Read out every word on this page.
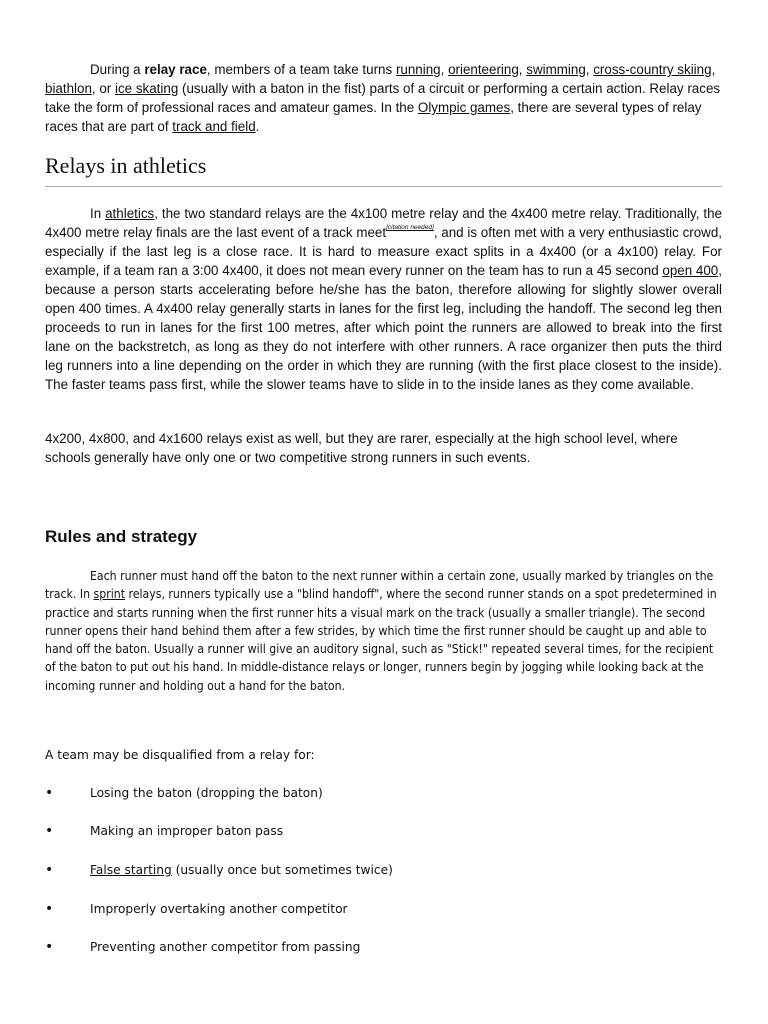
During a relay race, members of a team take turns running, orienteering, swimming, cross-country skiing, biathlon, or ice skating (usually with a baton in the fist) parts of a circuit or performing a certain action. Relay races take the form of professional races and amateur games. In the Olympic games, there are several types of relay races that are part of track and field.

Relays in athletics

In athletics, the two standard relays are the 4x100 metre relay and the 4x400 metre relay. Traditionally, the 4x400 metre relay finals are the last event of a track meet[citation needed], and is often met with a very enthusiastic crowd, especially if the last leg is a close race. It is hard to measure exact splits in a 4x400 (or a 4x100) relay. For example, if a team ran a 3:00 4x400, it does not mean every runner on the team has to run a 45 second open 400, because a person starts accelerating before he/she has the baton, therefore allowing for slightly slower overall open 400 times. A 4x400 relay generally starts in lanes for the first leg, including the handoff. The second leg then proceeds to run in lanes for the first 100 metres, after which point the runners are allowed to break into the first lane on the backstretch, as long as they do not interfere with other runners. A race organizer then puts the third leg runners into a line depending on the order in which they are running (with the first place closest to the inside). The faster teams pass first, while the slower teams have to slide in to the inside lanes as they come available.

4x200, 4x800, and 4x1600 relays exist as well, but they are rarer, especially at the high school level, where schools generally have only one or two competitive strong runners in such events.

Rules and strategy

Each runner must hand off the baton to the next runner within a certain zone, usually marked by triangles on the track. In sprint relays, runners typically use a "blind handoff", where the second runner stands on a spot predetermined in practice and starts running when the first runner hits a visual mark on the track (usually a smaller triangle). The second runner opens their hand behind them after a few strides, by which time the first runner should be caught up and able to hand off the baton. Usually a runner will give an auditory signal, such as "Stick!" repeated several times, for the recipient of the baton to put out his hand. In middle-distance relays or longer, runners begin by jogging while looking back at the incoming runner and holding out a hand for the baton.

A team may be disqualified from a relay for:

•	Losing the baton (dropping the baton)
•	Making an improper baton pass
•	False starting (usually once but sometimes twice)
•	Improperly overtaking another competitor
•	Preventing another competitor from passing
